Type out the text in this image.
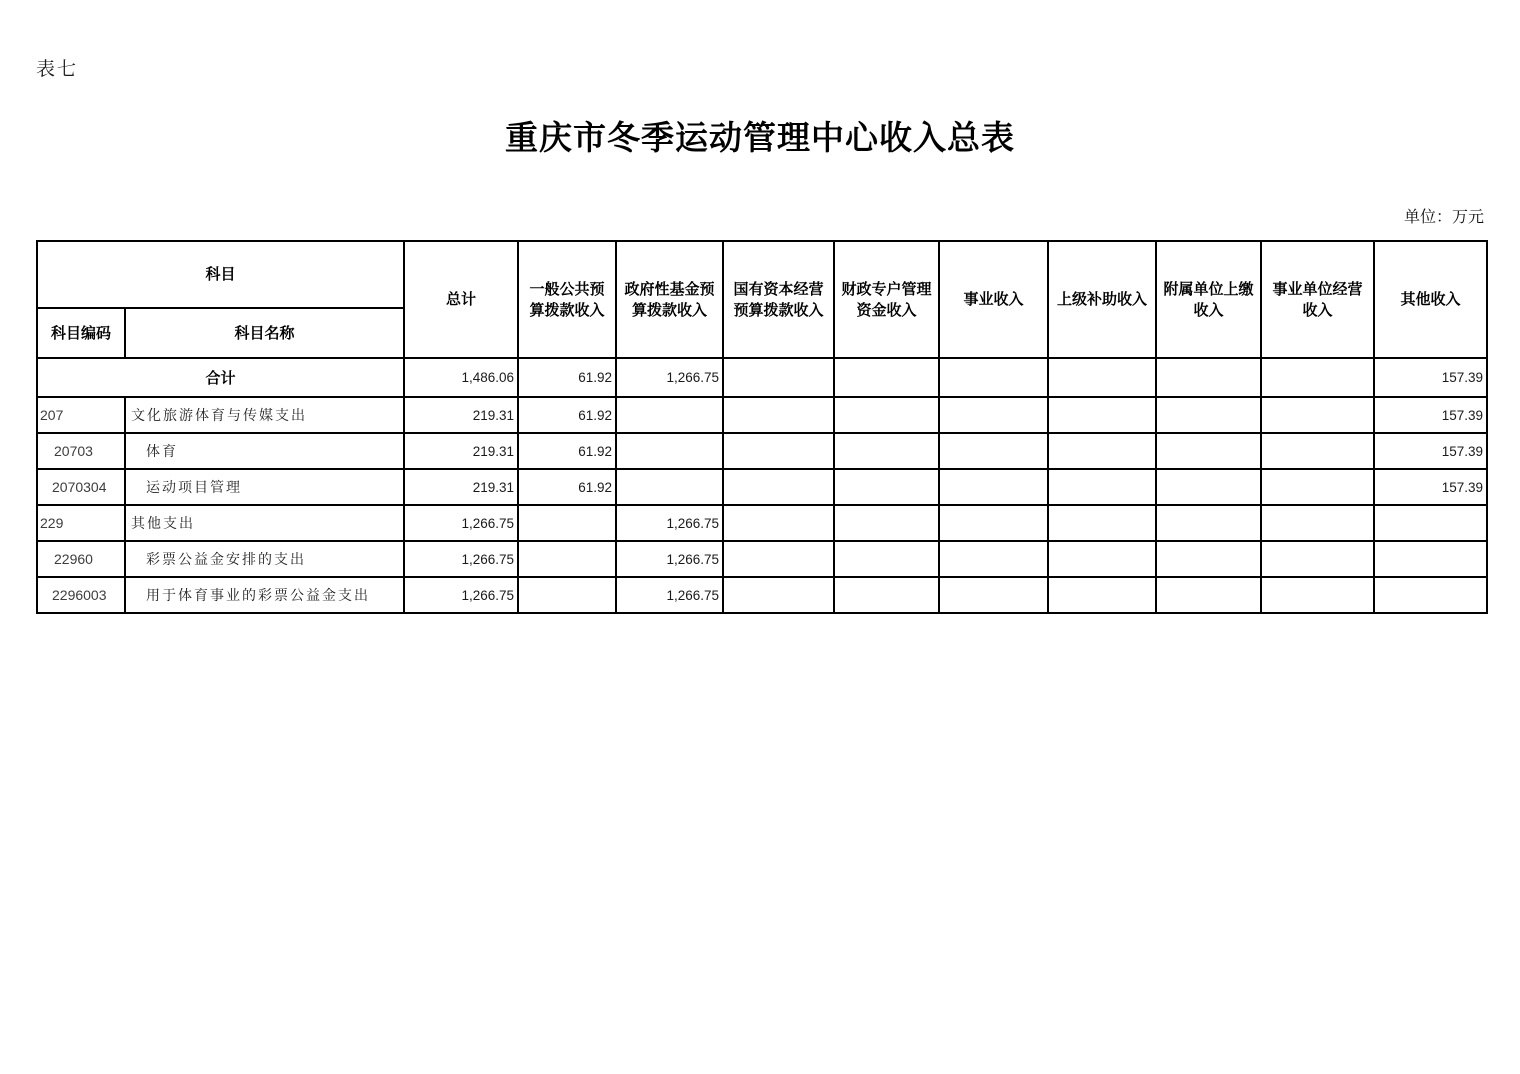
表七
重庆市冬季运动管理中心收入总表
单位：万元
科目		总计	一般公共预算拨款收入	政府性基金预算拨款收入	国有资本经营预算拨款收入	财政专户管理资金收入	事业收入	上级补助收入	附属单位上缴收入	事业单位经营收入	其他收入
科目编码	科目名称										
合计		1,486.06	61.92	1,266.75							157.39
207	文化旅游体育与传媒支出	219.31	61.92								157.39
20703	体育	219.31	61.92								157.39
2070304	运动项目管理	219.31	61.92								157.39
229	其他支出	1,266.75		1,266.75							
22960	彩票公益金安排的支出	1,266.75		1,266.75							
2296003	用于体育事业的彩票公益金支出	1,266.75		1,266.75							
